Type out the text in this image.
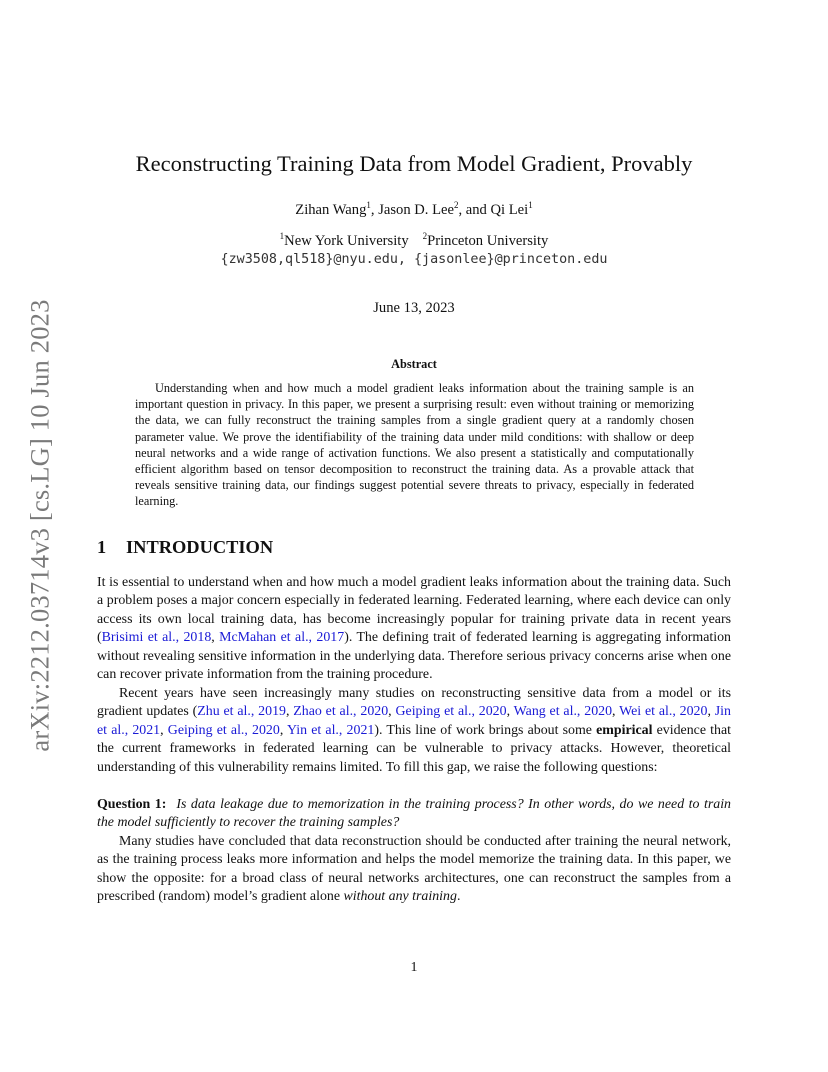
arXiv:2212.03714v3 [cs.LG] 10 Jun 2023
Reconstructing Training Data from Model Gradient, Provably
Zihan Wang$^1$, Jason D. Lee$^2$, and Qi Lei$^1$
$^1$New York University $^2$Princeton University
{zw3508,ql518}@nyu.edu, {jasonlee}@princeton.edu
June 13, 2023
Abstract

Understanding when and how much a model gradient leaks information about the training sample is an important question in privacy. In this paper, we present a surprising result: even without training or memorizing the data, we can fully reconstruct the training samples from a single gradient query at a randomly chosen parameter value. We prove the identifiability of the training data under mild conditions: with shallow or deep neural networks and a wide range of activation functions. We also present a statistically and computationally efficient algorithm based on tensor decomposition to reconstruct the training data. As a provable attack that reveals sensitive training data, our findings suggest potential severe threats to privacy, especially in federated learning.

1 INTRODUCTION

It is essential to understand when and how much a model gradient leaks information about the training data. Such a problem poses a major concern especially in federated learning. Federated learning, where each device can only access its own local training data, has become increasingly popular for training private data in recent years (Brisimi et al., 2018, McMahan et al., 2017). The defining trait of federated learning is aggregating information without revealing sensitive information in the underlying data. Therefore serious privacy concerns arise when one can recover private information from the training procedure.

Recent years have seen increasingly many studies on reconstructing sensitive data from a model or its gradient updates (Zhu et al., 2019, Zhao et al., 2020, Geiping et al., 2020, Wang et al., 2020, Wei et al., 2020, Jin et al., 2021, Geiping et al., 2020, Yin et al., 2021). This line of work brings about some empirical evidence that the current frameworks in federated learning can be vulnerable to privacy attacks. However, theoretical understanding of this vulnerability remains limited. To fill this gap, we raise the following questions:

Question 1: Is data leakage due to memorization in the training process? In other words, do we need to train the model sufficiently to recover the training samples?

Many studies have concluded that data reconstruction should be conducted after training the neural network, as the training process leaks more information and helps the model memorize the training data. In this paper, we show the opposite: for a broad class of neural networks architectures, one can reconstruct the samples from a prescribed (random) model’s gradient alone without any training.

1
